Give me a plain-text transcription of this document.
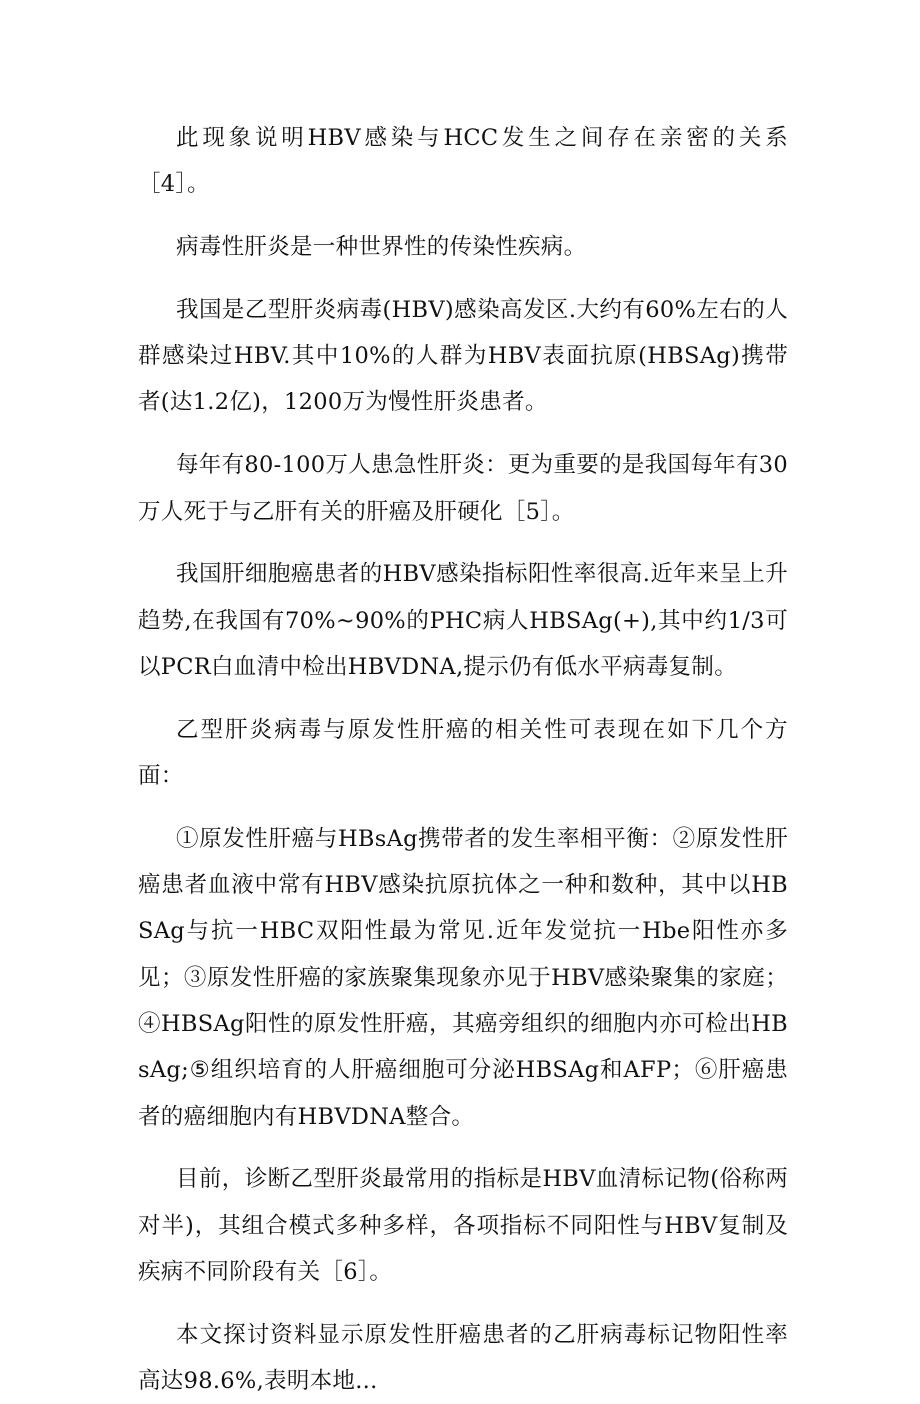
此现象说明HBV感染与HCC发生之间存在亲密的关系［4］。

病毒性肝炎是一种世界性的传染性疾病。

我国是乙型肝炎病毒(HBV)感染高发区.大约有60%左右的人群感染过HBV.其中10%的人群为HBV表面抗原(HBSAg)携带者(达1.2亿)，1200万为慢性肝炎患者。

每年有80-100万人患急性肝炎：更为重要的是我国每年有30万人死于与乙肝有关的肝癌及肝硬化［5］。

我国肝细胞癌患者的HBV感染指标阳性率很高.近年来呈上升趋势,在我国有70%~90%的PHC病人HBSAg(+),其中约1/3可以PCR白血清中检出HBVDNA,提示仍有低水平病毒复制。

乙型肝炎病毒与原发性肝癌的相关性可表现在如下几个方面：

①原发性肝癌与HBsAg携带者的发生率相平衡：②原发性肝癌患者血液中常有HBV感染抗原抗体之一种和数种，其中以HBSAg与抗一HBC双阳性最为常见.近年发觉抗一Hbe阳性亦多见；③原发性肝癌的家族聚集现象亦见于HBV感染聚集的家庭；④HBSAg阳性的原发性肝癌，其癌旁组织的细胞内亦可检出HBsAg;⑤组织培育的人肝癌细胞可分泌HBSAg和AFP；⑥肝癌患者的癌细胞内有HBVDNA整合。

目前，诊断乙型肝炎最常用的指标是HBV血清标记物(俗称两对半)，其组合模式多种多样，各项指标不同阳性与HBV复制及疾病不同阶段有关［6］。

本文探讨资料显示原发性肝癌患者的乙肝病毒标记物阳性率高达98.6%,表明本地...
